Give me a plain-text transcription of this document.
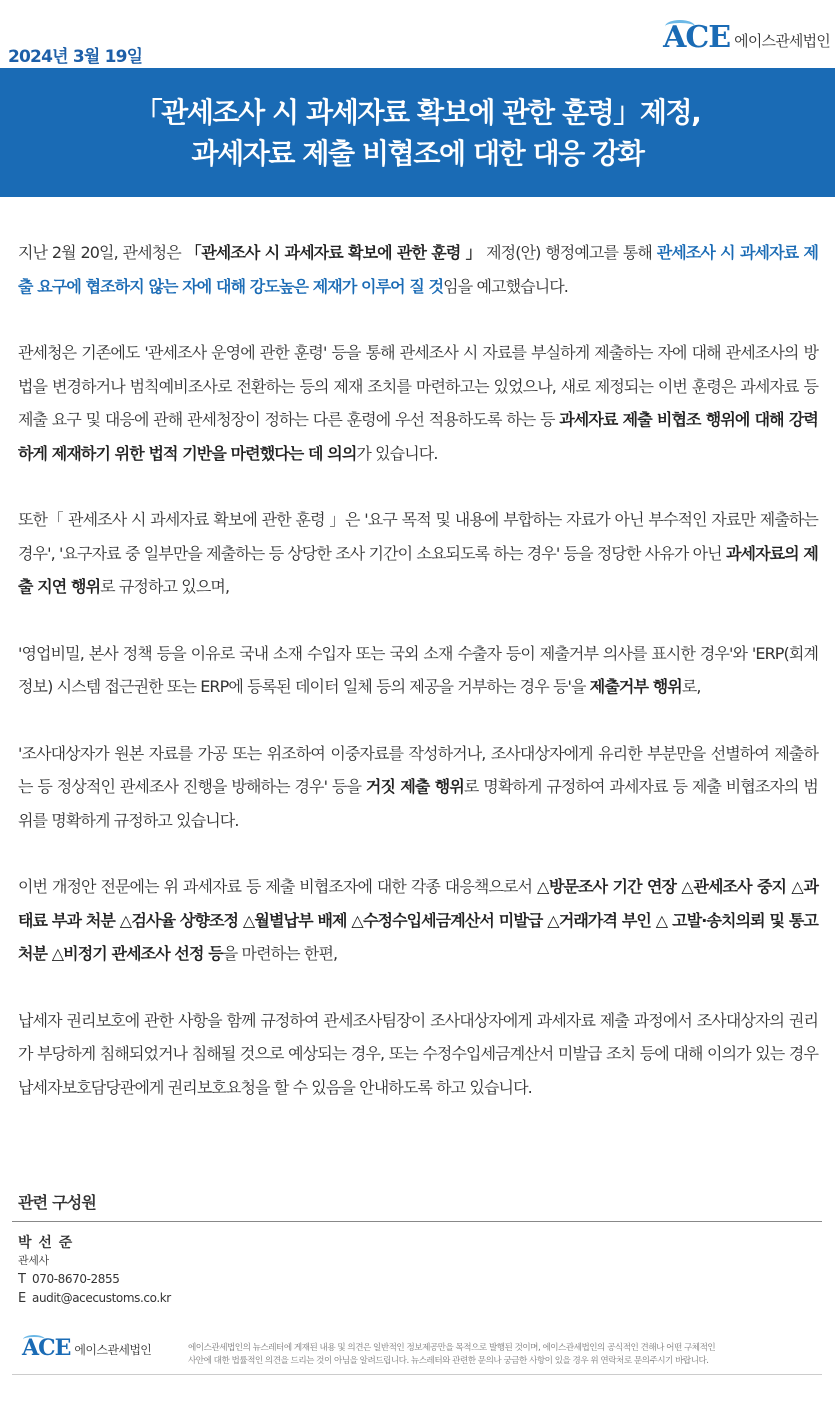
2024년 3월 19일
ACE 에이스관세법인
「관세조사 시 과세자료 확보에 관한 훈령」제정,
과세자료 제출 비협조에 대한 대응 강화

지난 2월 20일, 관세청은 「관세조사 시 과세자료 확보에 관한 훈령 」 제정(안) 행정예고를 통해 관세조사 시 과세자료 제출 요구에 협조하지 않는 자에 대해 강도높은 제재가 이루어 질 것임을 예고했습니다.

관세청은 기존에도 '관세조사 운영에 관한 훈령' 등을 통해 관세조사 시 자료를 부실하게 제출하는 자에 대해 관세조사의 방법을 변경하거나 범칙예비조사로 전환하는 등의 제재 조치를 마련하고는 있었으나, 새로 제정되는 이번 훈령은 과세자료 등 제출 요구 및 대응에 관해 관세청장이 정하는 다른 훈령에 우선 적용하도록 하는 등 과세자료 제출 비협조 행위에 대해 강력하게 제재하기 위한 법적 기반을 마련했다는 데 의의가 있습니다.

또한「 관세조사 시 과세자료 확보에 관한 훈령 」은 '요구 목적 및 내용에 부합하는 자료가 아닌 부수적인 자료만 제출하는 경우', '요구자료 중 일부만을 제출하는 등 상당한 조사 기간이 소요되도록 하는 경우' 등을 정당한 사유가 아닌 과세자료의 제출 지연 행위로 규정하고 있으며,

'영업비밀, 본사 정책 등을 이유로 국내 소재 수입자 또는 국외 소재 수출자 등이 제출거부 의사를 표시한 경우'와 'ERP(회계정보) 시스템 접근권한 또는 ERP에 등록된 데이터 일체 등의 제공을 거부하는 경우 등'을 제출거부 행위로,

'조사대상자가 원본 자료를 가공 또는 위조하여 이중자료를 작성하거나, 조사대상자에게 유리한 부분만을 선별하여 제출하는 등 정상적인 관세조사 진행을 방해하는 경우' 등을 거짓 제출 행위로 명확하게 규정하여 과세자료 등 제출 비협조자의 범위를 명확하게 규정하고 있습니다.

이번 개정안 전문에는 위 과세자료 등 제출 비협조자에 대한 각종 대응책으로서 △방문조사 기간 연장 △관세조사 중지 △과태료 부과 처분 △검사율 상향조정 △월별납부 배제 △수정수입세금계산서 미발급 △거래가격 부인 △ 고발·송치의뢰 및 통고처분 △비정기 관세조사 선정 등을 마련하는 한편,

납세자 권리보호에 관한 사항을 함께 규정하여 관세조사팀장이 조사대상자에게 과세자료 제출 과정에서 조사대상자의 권리가 부당하게 침해되었거나 침해될 것으로 예상되는 경우, 또는 수정수입세금계산서 미발급 조치 등에 대해 이의가 있는 경우 납세자보호담당관에게 권리보호요청을 할 수 있음을 안내하도록 하고 있습니다.

관련 구성원
박 선 준
관세사
T 070-8670-2855
E audit@acecustoms.co.kr
ACE 에이스관세법인	에이스관세법인의 뉴스레터에 게재된 내용 및 의견은 일반적인 정보제공만을 목적으로 발행된 것이며, 에이스관세법인의 공식적인 견해나 어떤 구체적인
사안에 대한 법률적인 의견을 드리는 것이 아님을 알려드립니다. 뉴스레터와 관련한 문의나 궁금한 사항이 있을 경우 위 연락처로 문의주시기 바랍니다.
